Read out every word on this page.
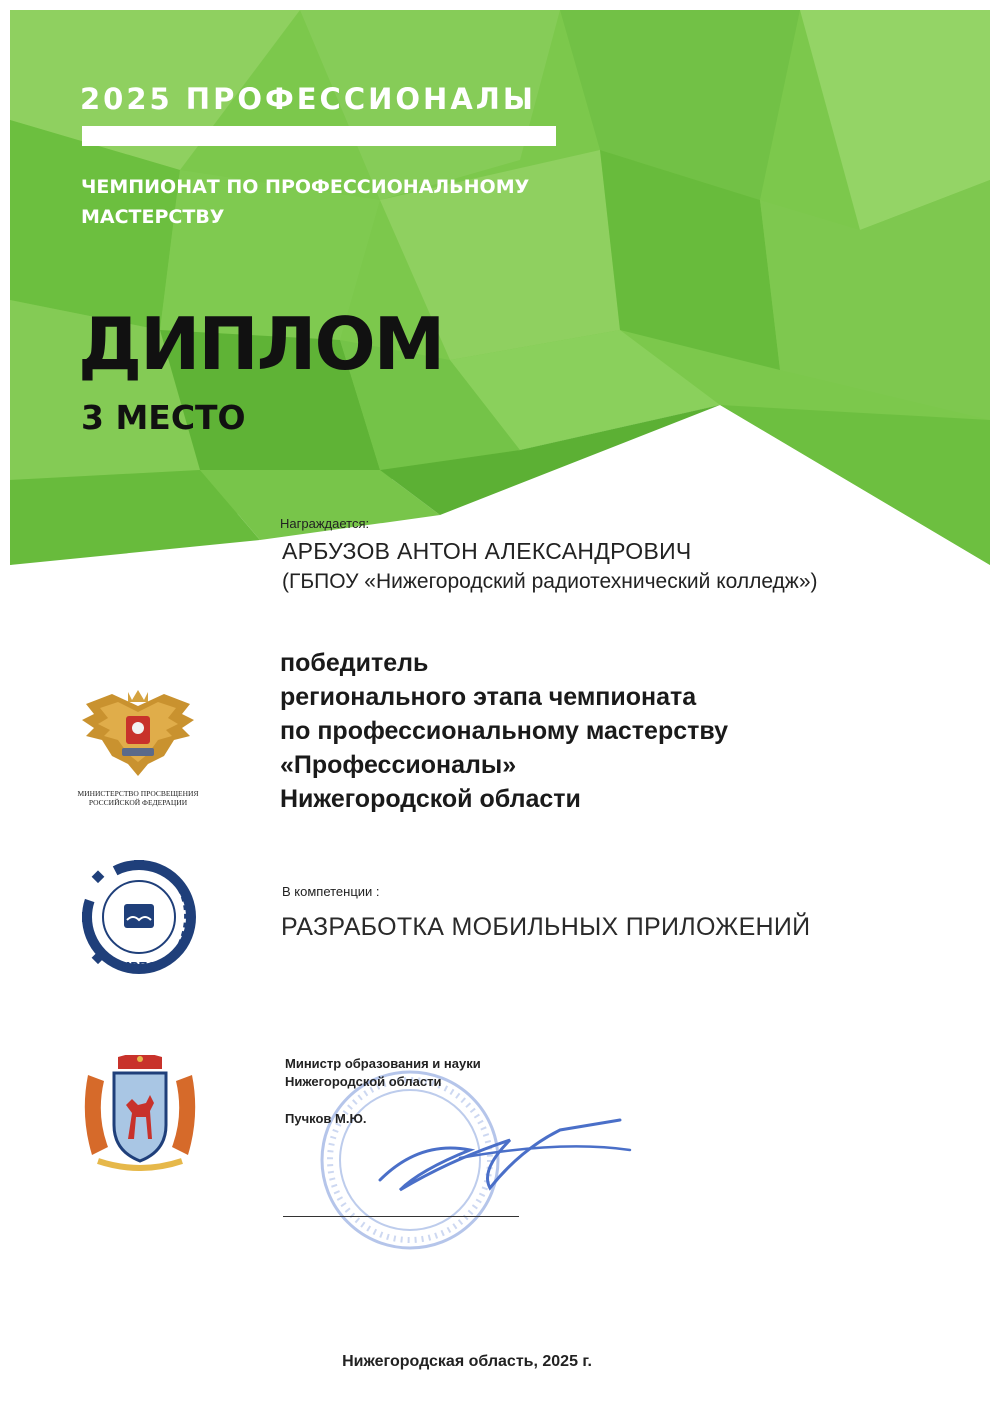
2025 ПРОФЕССИОНАЛЫ
ЧЕМПИОНАТ ПО ПРОФЕССИОНАЛЬНОМУ
МАСТЕРСТВУ
ДИПЛОМ
3 МЕСТО
Награждается:
АРБУЗОВ АНТОН АЛЕКСАНДРОВИЧ
(ГБПОУ «Нижегородский радиотехнический колледж»)
победитель
регионального этапа чемпионата
по профессиональному мастерству
«Профессионалы»
Нижегородской области
В компетенции :
РАЗРАБОТКА МОБИЛЬНЫХ ПРИЛОЖЕНИЙ
МИНИСТЕРСТВО ПРОСВЕЩЕНИЯ
РОССИЙСКОЙ ФЕДЕРАЦИИ
ИРПО
Министр образования и науки
Нижегородской области
Пучков М.Ю.
Нижегородская область, 2025 г.
